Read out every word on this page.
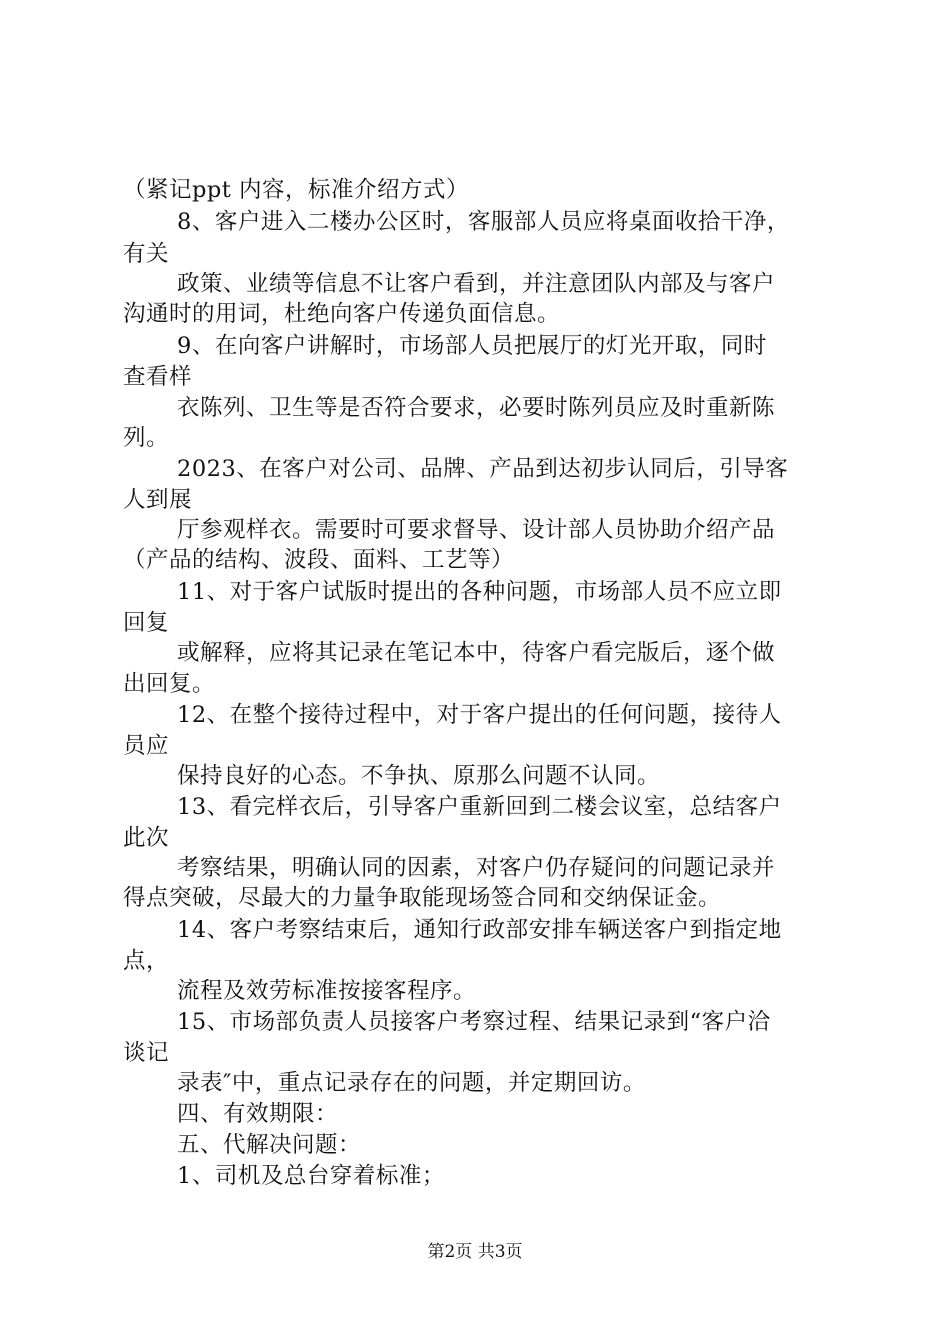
（紧记ppt 内容，标准介绍方式）
8、客户进入二楼办公区时，客服部人员应将桌面收拾干净，
有关
政策、业绩等信息不让客户看到，并注意团队内部及与客户
沟通时的用词，杜绝向客户传递负面信息。
9、在向客户讲解时，市场部人员把展厅的灯光开取，同时
查看样
衣陈列、卫生等是否符合要求，必要时陈列员应及时重新陈
列。
2023、在客户对公司、品牌、产品到达初步认同后，引导客
人到展
厅参观样衣。需要时可要求督导、设计部人员协助介绍产品
（产品的结构、波段、面料、工艺等）
11、对于客户试版时提出的各种问题，市场部人员不应立即
回复
或解释，应将其记录在笔记本中，待客户看完版后，逐个做
出回复。
12、在整个接待过程中，对于客户提出的任何问题，接待人
员应
保持良好的心态。不争执、原那么问题不认同。
13、看完样衣后，引导客户重新回到二楼会议室，总结客户
此次
考察结果，明确认同的因素，对客户仍存疑问的问题记录并
得点突破，尽最大的力量争取能现场签合同和交纳保证金。
14、客户考察结束后，通知行政部安排车辆送客户到指定地
点，
流程及效劳标准按接客程序。
15、市场部负责人员接客户考察过程、结果记录到“客户洽
谈记
录表″中，重点记录存在的问题，并定期回访。
四、有效期限：
五、代解决问题：
1、司机及总台穿着标准；
第2页 共3页
